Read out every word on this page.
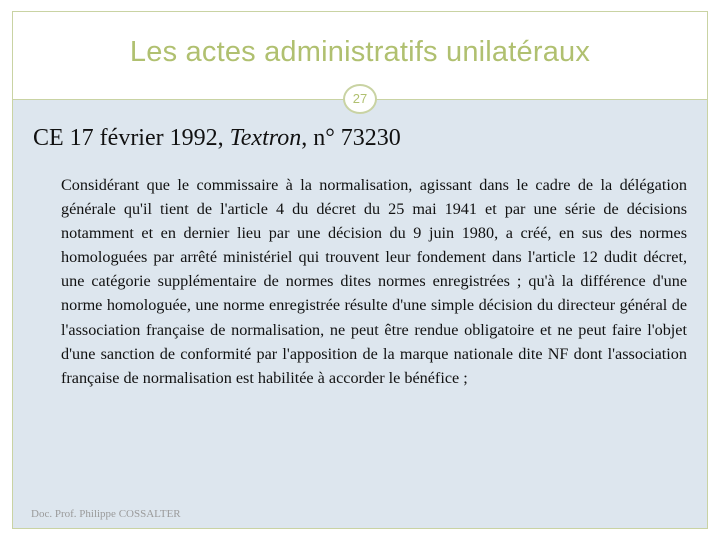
Les actes administratifs unilatéraux
27
CE 17 février 1992, Textron, n° 73230
Considérant que le commissaire à la normalisation, agissant dans le cadre de la délégation générale qu'il tient de l'article 4 du décret du 25 mai 1941 et par une série de décisions notamment et en dernier lieu par une décision du 9 juin 1980, a créé, en sus des normes homologuées par arrêté ministériel qui trouvent leur fondement dans l'article 12 dudit décret, une catégorie supplémentaire de normes dites normes enregistrées ; qu'à la différence d'une norme homologuée, une norme enregistrée résulte d'une simple décision du directeur général de l'association française de normalisation, ne peut être rendue obligatoire et ne peut faire l'objet d'une sanction de conformité par l'apposition de la marque nationale dite NF dont l'association française de normalisation est habilitée à accorder le bénéfice ;
Doc. Prof. Philippe COSSALTER
